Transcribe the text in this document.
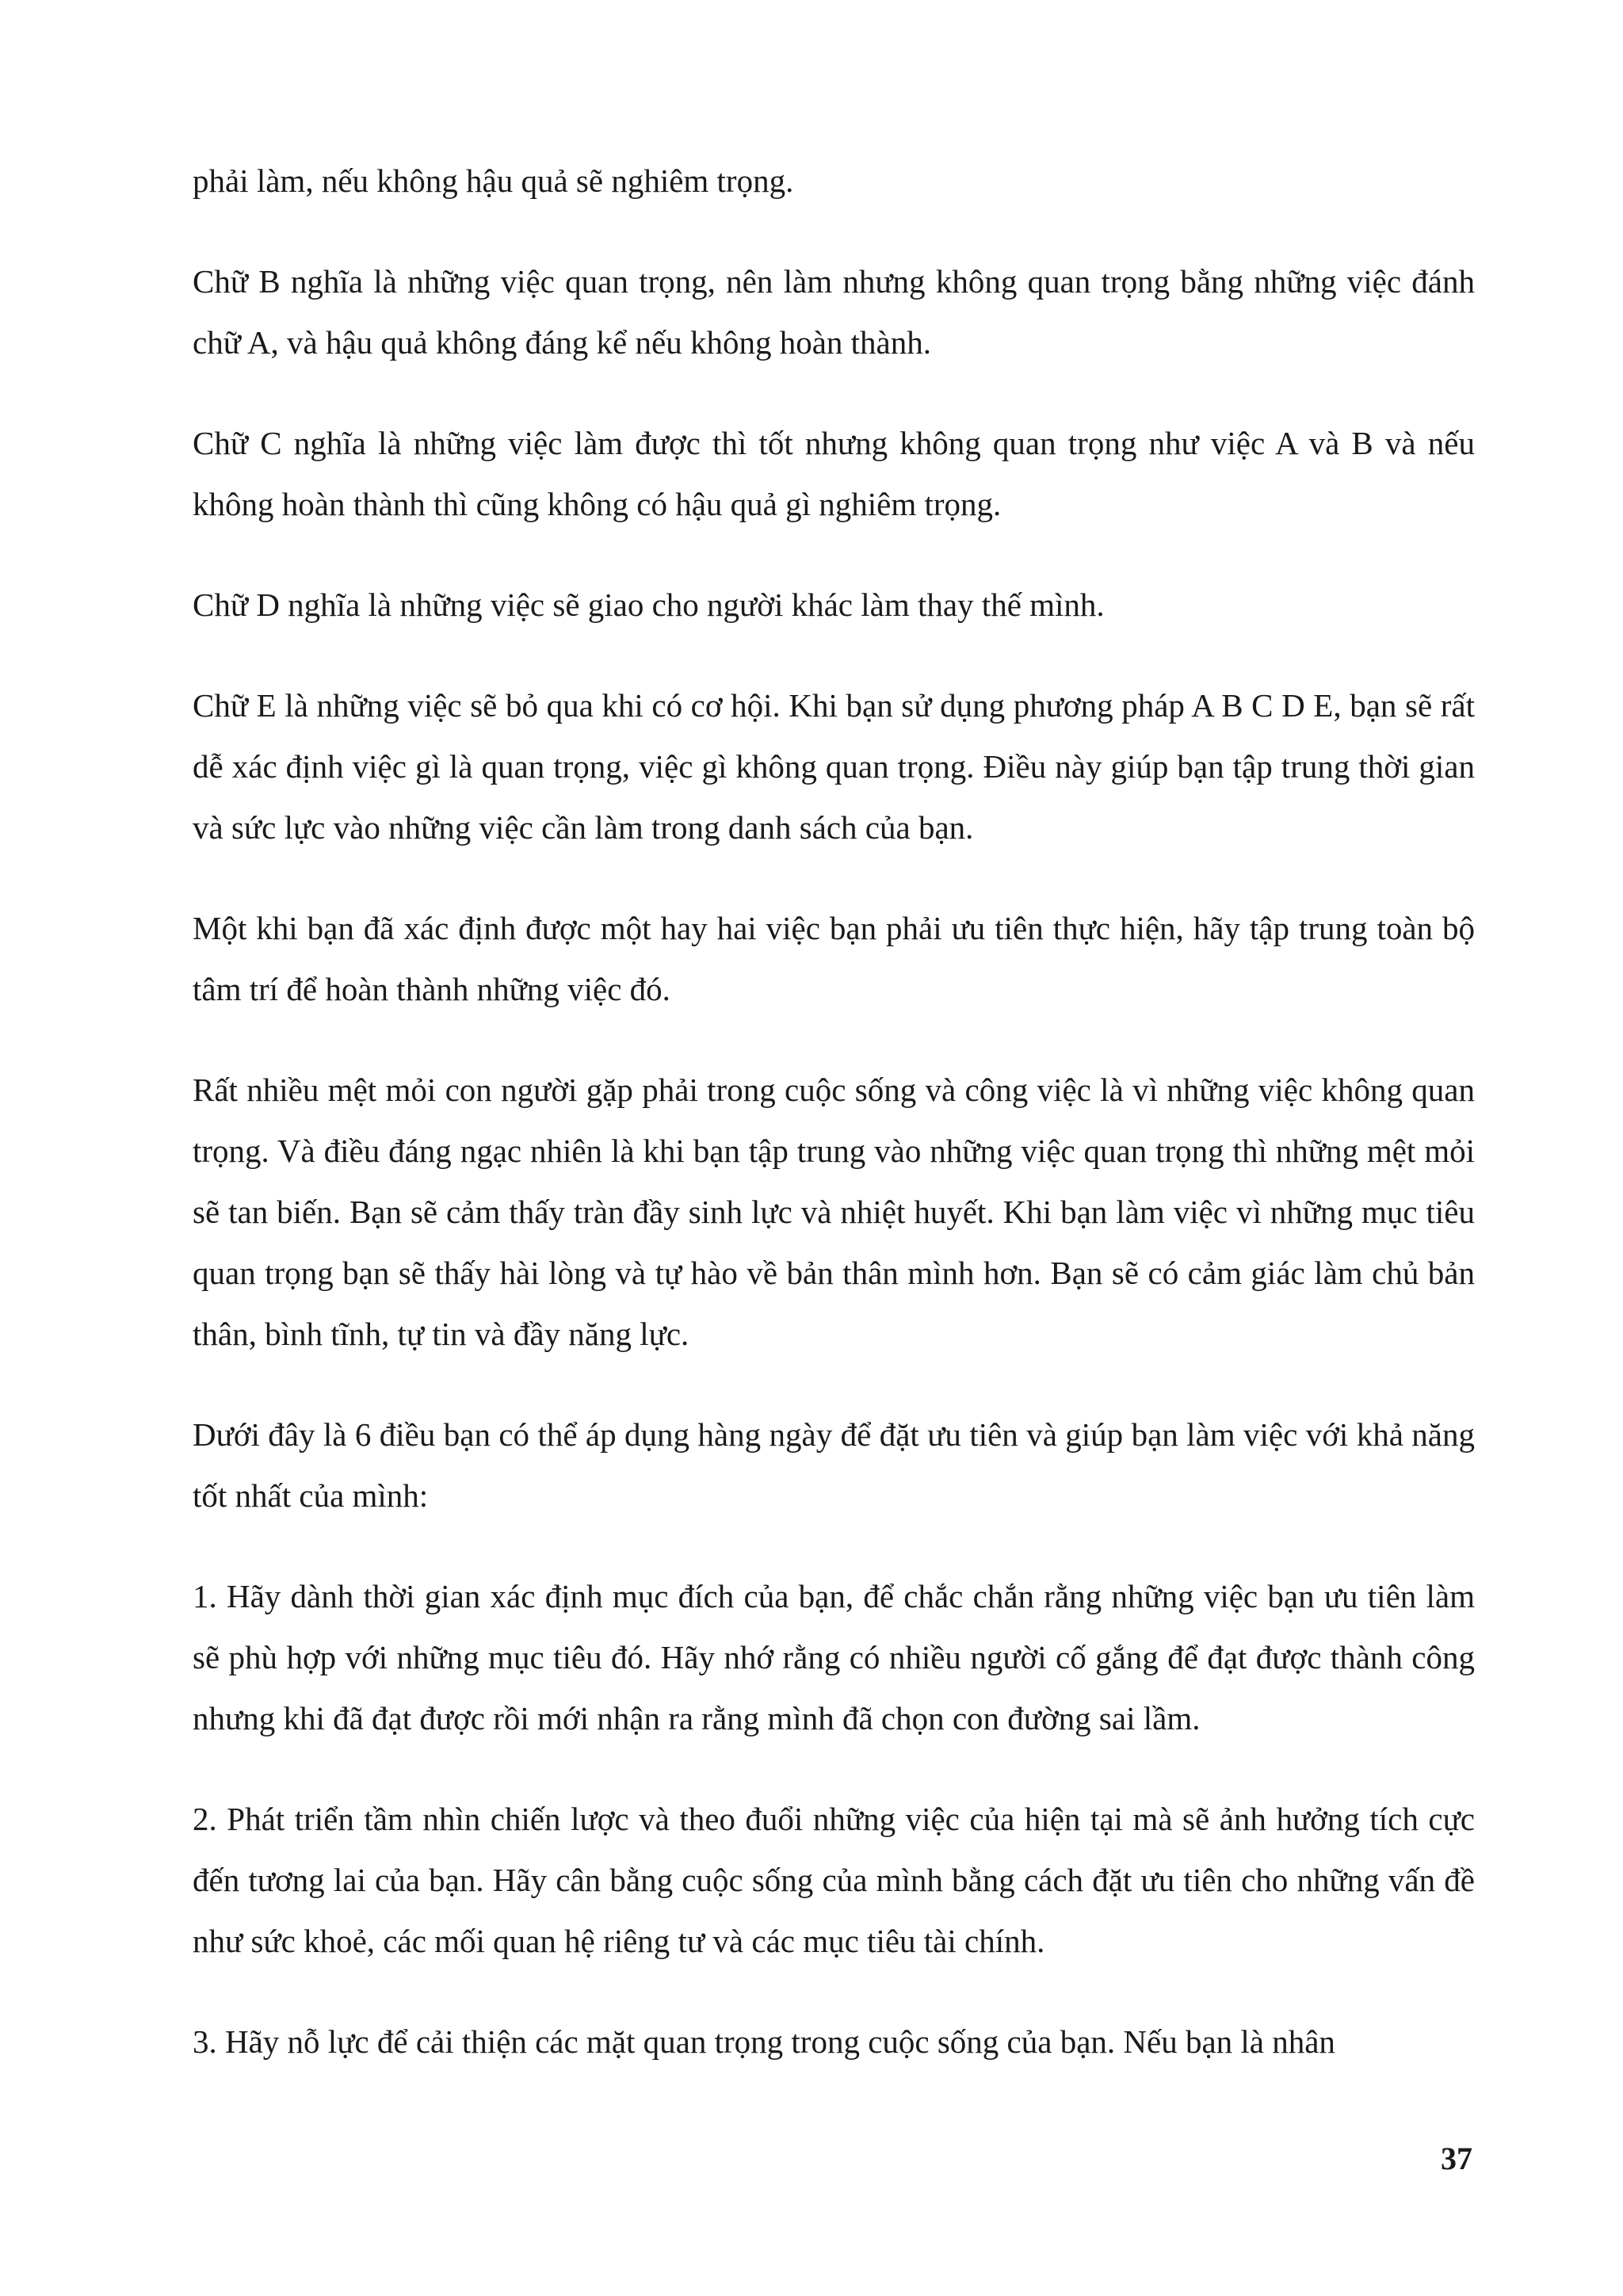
phải làm, nếu không hậu quả sẽ nghiêm trọng.

Chữ B nghĩa là những việc quan trọng, nên làm nhưng không quan trọng bằng những việc đánh chữ A, và hậu quả không đáng kể nếu không hoàn thành.

Chữ C nghĩa là những việc làm được thì tốt nhưng không quan trọng như việc A và B và nếu không hoàn thành thì cũng không có hậu quả gì nghiêm trọng.

Chữ D nghĩa là những việc sẽ giao cho người khác làm thay thế mình.

Chữ E là những việc sẽ bỏ qua khi có cơ hội. Khi bạn sử dụng phương pháp A B C D E, bạn sẽ rất dễ xác định việc gì là quan trọng, việc gì không quan trọng. Điều này giúp bạn tập trung thời gian và sức lực vào những việc cần làm trong danh sách của bạn.

Một khi bạn đã xác định được một hay hai việc bạn phải ưu tiên thực hiện, hãy tập trung toàn bộ tâm trí để hoàn thành những việc đó.

Rất nhiều mệt mỏi con người gặp phải trong cuộc sống và công việc là vì những việc không quan trọng. Và điều đáng ngạc nhiên là khi bạn tập trung vào những việc quan trọng thì những mệt mỏi sẽ tan biến. Bạn sẽ cảm thấy tràn đầy sinh lực và nhiệt huyết. Khi bạn làm việc vì những mục tiêu quan trọng bạn sẽ thấy hài lòng và tự hào về bản thân mình hơn. Bạn sẽ có cảm giác làm chủ bản thân, bình tĩnh, tự tin và đầy năng lực.

Dưới đây là 6 điều bạn có thể áp dụng hàng ngày để đặt ưu tiên và giúp bạn làm việc với khả năng tốt nhất của mình:

1. Hãy dành thời gian xác định mục đích của bạn, để chắc chắn rằng những việc bạn ưu tiên làm sẽ phù hợp với những mục tiêu đó. Hãy nhớ rằng có nhiều người cố gắng để đạt được thành công nhưng khi đã đạt được rồi mới nhận ra rằng mình đã chọn con đường sai lầm.

2. Phát triển tầm nhìn chiến lược và theo đuổi những việc của hiện tại mà sẽ ảnh hưởng tích cực đến tương lai của bạn. Hãy cân bằng cuộc sống của mình bằng cách đặt ưu tiên cho những vấn đề như sức khoẻ, các mối quan hệ riêng tư và các mục tiêu tài chính.

3. Hãy nỗ lực để cải thiện các mặt quan trọng trong cuộc sống của bạn. Nếu bạn là nhân

37
